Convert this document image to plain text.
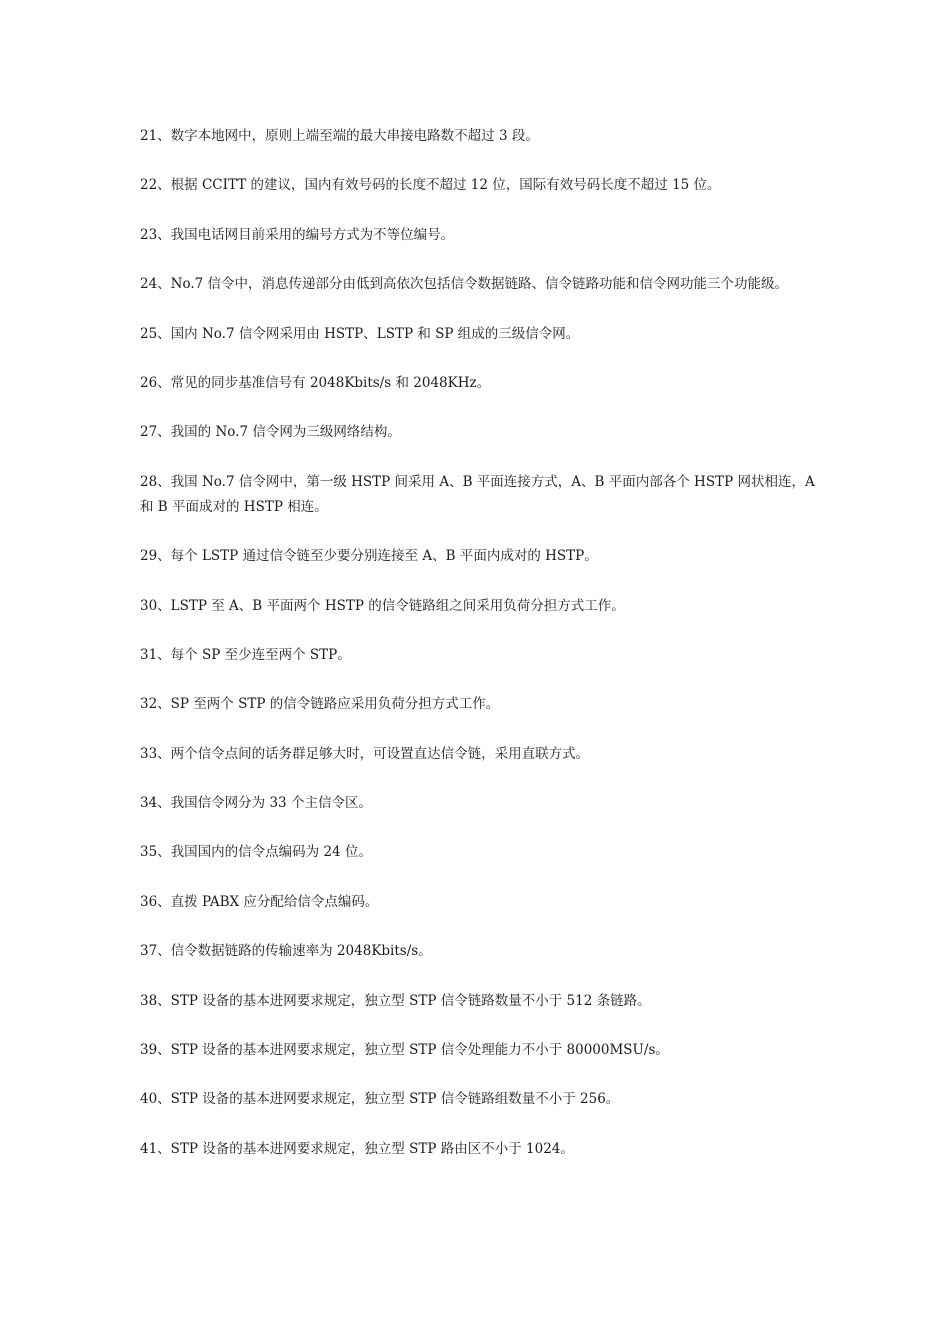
21、数字本地网中，原则上端至端的最大串接电路数不超过 3 段。

22、根据 CCITT 的建议，国内有效号码的长度不超过 12 位，国际有效号码长度不超过 15 位。

23、我国电话网目前采用的编号方式为不等位编号。

24、No.7 信令中，消息传递部分由低到高依次包括信令数据链路、信令链路功能和信令网功能三个功能级。

25、国内 No.7 信令网采用由 HSTP、LSTP 和 SP 组成的三级信令网。

26、常见的同步基准信号有 2048Kbits/s 和 2048KHz。

27、我国的 No.7 信令网为三级网络结构。

28、我国 No.7 信令网中，第一级 HSTP 间采用 A、B 平面连接方式，A、B 平面内部各个 HSTP 网状相连，A 和 B 平面成对的 HSTP 相连。

29、每个 LSTP 通过信令链至少要分别连接至 A、B 平面内成对的 HSTP。

30、LSTP 至 A、B 平面两个 HSTP 的信令链路组之间采用负荷分担方式工作。

31、每个 SP 至少连至两个 STP。

32、SP 至两个 STP 的信令链路应采用负荷分担方式工作。

33、两个信令点间的话务群足够大时，可设置直达信令链，采用直联方式。

34、我国信令网分为 33 个主信令区。

35、我国国内的信令点编码为 24 位。

36、直拨 PABX 应分配给信令点编码。

37、信令数据链路的传输速率为 2048Kbits/s。

38、STP 设备的基本进网要求规定，独立型 STP 信令链路数量不小于 512 条链路。

39、STP 设备的基本进网要求规定，独立型 STP 信令处理能力不小于 80000MSU/s。

40、STP 设备的基本进网要求规定，独立型 STP 信令链路组数量不小于 256。

41、STP 设备的基本进网要求规定，独立型 STP 路由区不小于 1024。
